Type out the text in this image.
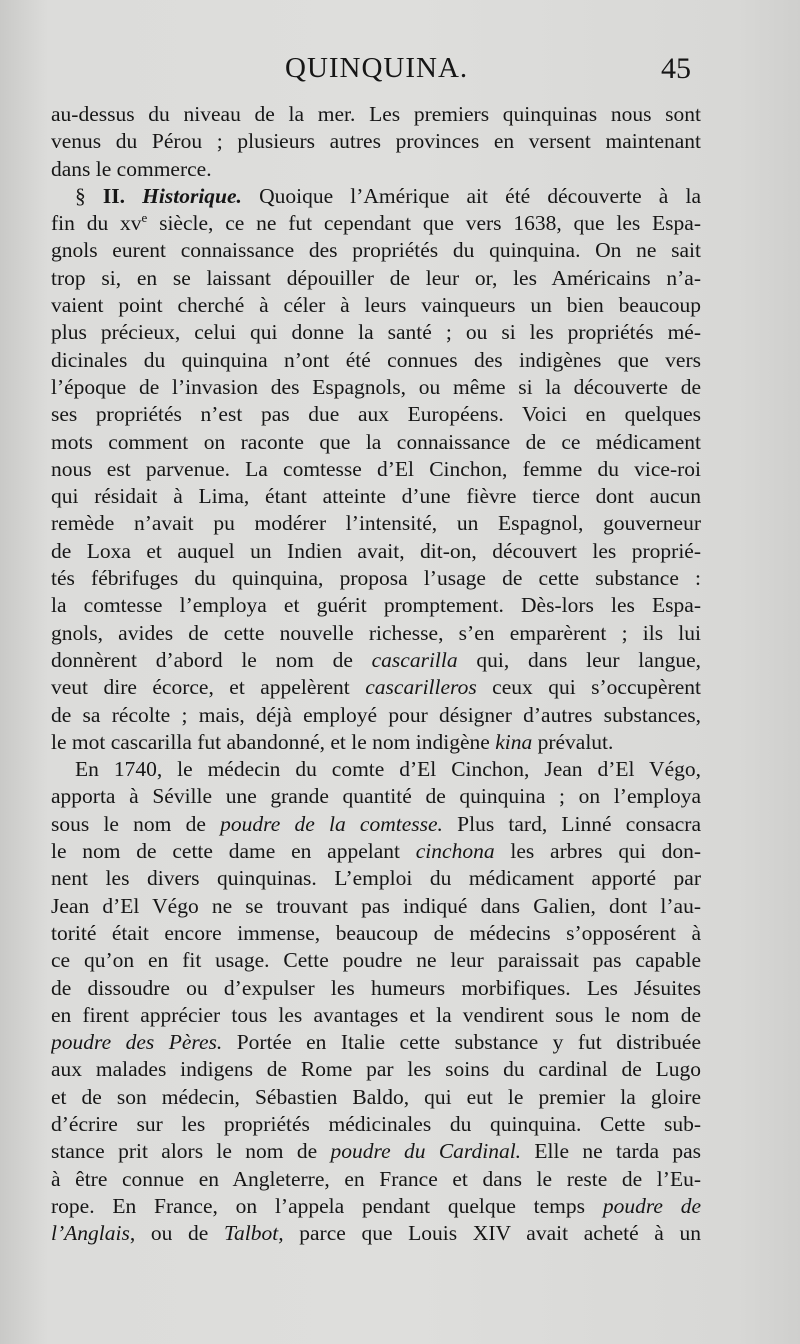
QUINQUINA.	45
au-dessus du niveau de la mer. Les premiers quinquinas nous sont
venus du Pérou ; plusieurs autres provinces en versent maintenant
dans le commerce.
§ II. Historique. Quoique l’Amérique ait été découverte à la
fin du $xv^e$ siècle, ce ne fut cependant que vers 1638, que les Espa-
gnols eurent connaissance des propriétés du quinquina. On ne sait
trop si, en se laissant dépouiller de leur or, les Américains n’a-
vaient point cherché à céler à leurs vainqueurs un bien beaucoup
plus précieux, celui qui donne la santé ; ou si les propriétés mé-
dicinales du quinquina n’ont été connues des indigènes que vers
l’époque de l’invasion des Espagnols, ou même si la découverte de
ses propriétés n’est pas due aux Européens. Voici en quelques
mots comment on raconte que la connaissance de ce médicament
nous est parvenue. La comtesse d’El Cinchon, femme du vice-roi
qui résidait à Lima, étant atteinte d’une fièvre tierce dont aucun
remède n’avait pu modérer l’intensité, un Espagnol, gouverneur
de Loxa et auquel un Indien avait, dit-on, découvert les proprié-
tés fébrifuges du quinquina, proposa l’usage de cette substance :
la comtesse l’employa et guérit promptement. Dès-lors les Espa-
gnols, avides de cette nouvelle richesse, s’en emparèrent ; ils lui
donnèrent d’abord le nom de cascarilla qui, dans leur langue,
veut dire écorce, et appelèrent cascarilleros ceux qui s’occupèrent
de sa récolte ; mais, déjà employé pour désigner d’autres substances,
le mot cascarilla fut abandonné, et le nom indigène kina prévalut.
En 1740, le médecin du comte d’El Cinchon, Jean d’El Végo,
apporta à Séville une grande quantité de quinquina ; on l’employa
sous le nom de poudre de la comtesse. Plus tard, Linné consacra
le nom de cette dame en appelant cinchona les arbres qui don-
nent les divers quinquinas. L’emploi du médicament apporté par
Jean d’El Végo ne se trouvant pas indiqué dans Galien, dont l’au-
torité était encore immense, beaucoup de médecins s’opposérent à
ce qu’on en fit usage. Cette poudre ne leur paraissait pas capable
de dissoudre ou d’expulser les humeurs morbifiques. Les Jésuites
en firent apprécier tous les avantages et la vendirent sous le nom de
poudre des Pères. Portée en Italie cette substance y fut distribuée
aux malades indigens de Rome par les soins du cardinal de Lugo
et de son médecin, Sébastien Baldo, qui eut le premier la gloire
d’écrire sur les propriétés médicinales du quinquina. Cette sub-
stance prit alors le nom de poudre du Cardinal. Elle ne tarda pas
à être connue en Angleterre, en France et dans le reste de l’Eu-
rope. En France, on l’appela pendant quelque temps poudre de
l’Anglais, ou de Talbot, parce que Louis XIV avait acheté à un
